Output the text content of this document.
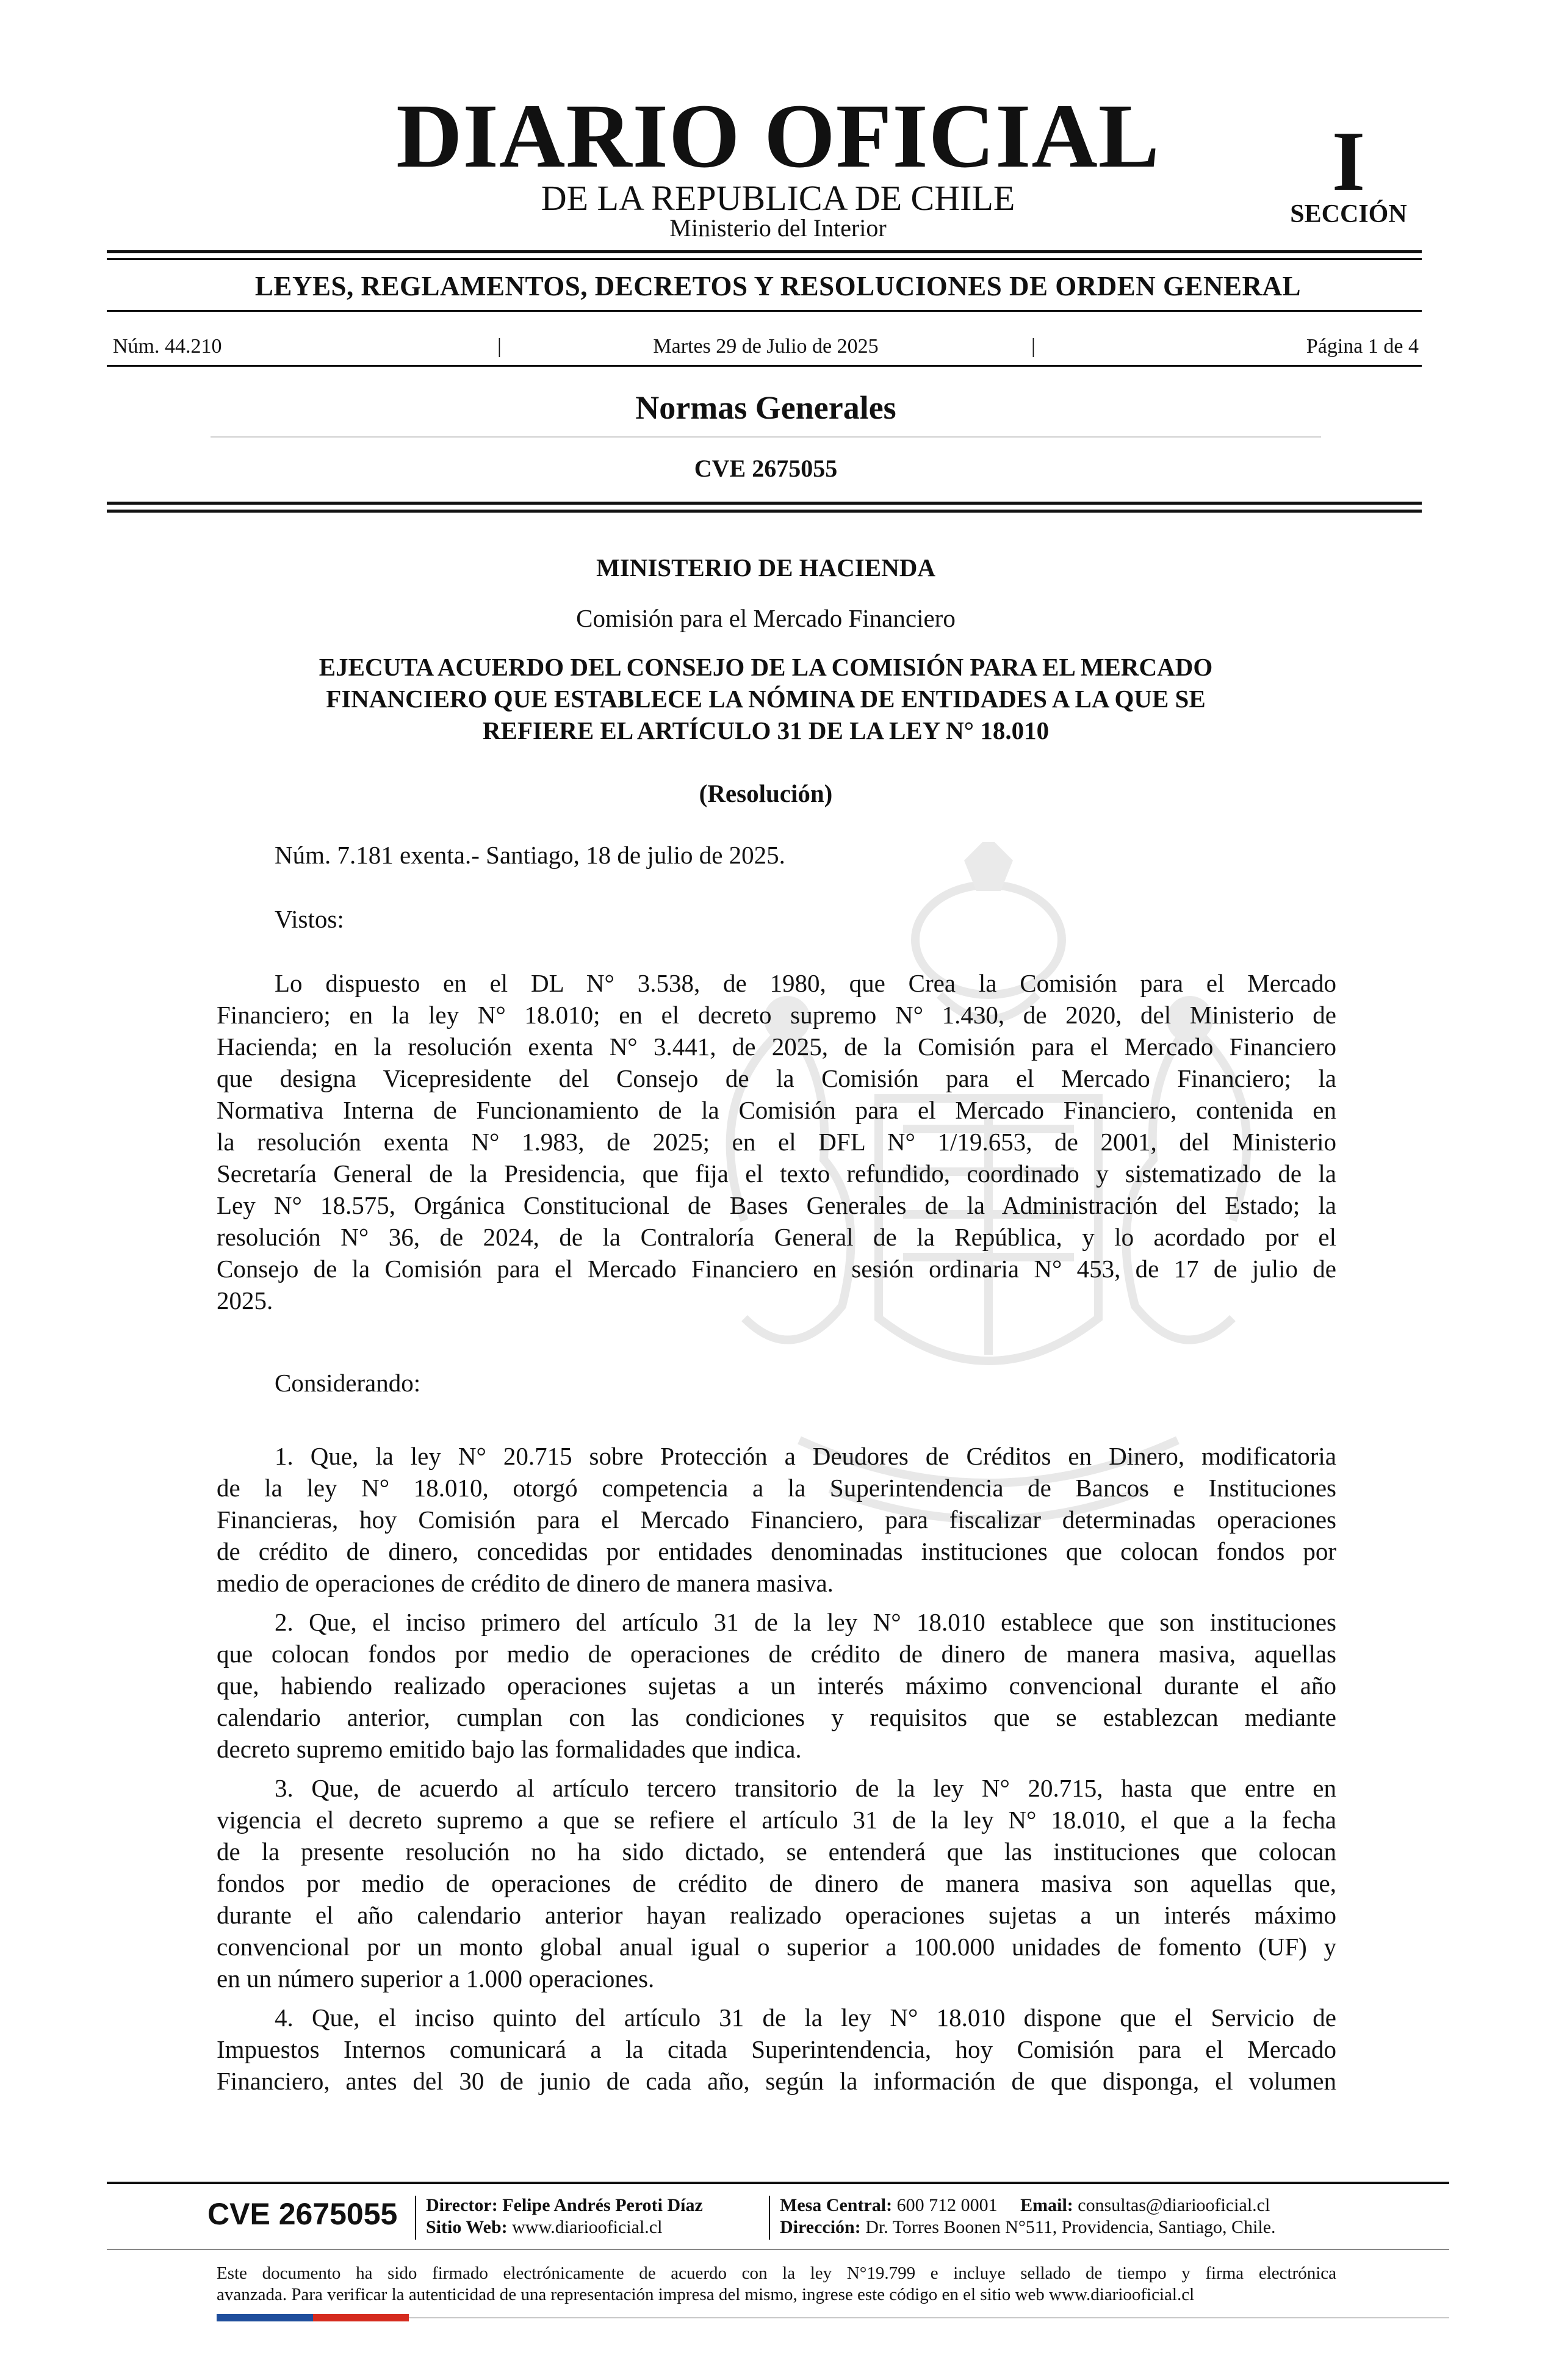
DIARIO OFICIAL
DE LA REPUBLICA DE CHILE
Ministerio del Interior
I
SECCIÓN
LEYES, REGLAMENTOS, DECRETOS Y RESOLUCIONES DE ORDEN GENERAL
Núm. 44.210	|	Martes 29 de Julio de 2025	|	Página 1 de 4
Normas Generales
CVE 2675055
MINISTERIO DE HACIENDA
Comisión para el Mercado Financiero
EJECUTA ACUERDO DEL CONSEJO DE LA COMISIÓN PARA EL MERCADO
FINANCIERO QUE ESTABLECE LA NÓMINA DE ENTIDADES A LA QUE SE
REFIERE EL ARTÍCULO 31 DE LA LEY N° 18.010
(Resolución)
Núm. 7.181 exenta.- Santiago, 18 de julio de 2025.
Vistos:
Lo dispuesto en el DL N° 3.538, de 1980, que Crea la Comisión para el Mercado
Financiero; en la ley N° 18.010; en el decreto supremo N° 1.430, de 2020, del Ministerio de
Hacienda; en la resolución exenta N° 3.441, de 2025, de la Comisión para el Mercado Financiero
que designa Vicepresidente del Consejo de la Comisión para el Mercado Financiero; la
Normativa Interna de Funcionamiento de la Comisión para el Mercado Financiero, contenida en
la resolución exenta N° 1.983, de 2025; en el DFL N° 1/19.653, de 2001, del Ministerio
Secretaría General de la Presidencia, que fija el texto refundido, coordinado y sistematizado de la
Ley N° 18.575, Orgánica Constitucional de Bases Generales de la Administración del Estado; la
resolución N° 36, de 2024, de la Contraloría General de la República, y lo acordado por el
Consejo de la Comisión para el Mercado Financiero en sesión ordinaria N° 453, de 17 de julio de
2025.
Considerando:
1. Que, la ley N° 20.715 sobre Protección a Deudores de Créditos en Dinero, modificatoria
de la ley N° 18.010, otorgó competencia a la Superintendencia de Bancos e Instituciones
Financieras, hoy Comisión para el Mercado Financiero, para fiscalizar determinadas operaciones
de crédito de dinero, concedidas por entidades denominadas instituciones que colocan fondos por
medio de operaciones de crédito de dinero de manera masiva.
2. Que, el inciso primero del artículo 31 de la ley N° 18.010 establece que son instituciones
que colocan fondos por medio de operaciones de crédito de dinero de manera masiva, aquellas
que, habiendo realizado operaciones sujetas a un interés máximo convencional durante el año
calendario anterior, cumplan con las condiciones y requisitos que se establezcan mediante
decreto supremo emitido bajo las formalidades que indica.
3. Que, de acuerdo al artículo tercero transitorio de la ley N° 20.715, hasta que entre en
vigencia el decreto supremo a que se refiere el artículo 31 de la ley N° 18.010, el que a la fecha
de la presente resolución no ha sido dictado, se entenderá que las instituciones que colocan
fondos por medio de operaciones de crédito de dinero de manera masiva son aquellas que,
durante el año calendario anterior hayan realizado operaciones sujetas a un interés máximo
convencional por un monto global anual igual o superior a 100.000 unidades de fomento (UF) y
en un número superior a 1.000 operaciones.
4. Que, el inciso quinto del artículo 31 de la ley N° 18.010 dispone que el Servicio de
Impuestos Internos comunicará a la citada Superintendencia, hoy Comisión para el Mercado
Financiero, antes del 30 de junio de cada año, según la información de que disponga, el volumen
CVE 2675055 Director: Felipe Andrés Peroti Díaz
Sitio Web: www.diariooficial.cl
Mesa Central: 600 712 0001 Email: consultas@diariooficial.cl
Dirección: Dr. Torres Boonen N°511, Providencia, Santiago, Chile.
Este documento ha sido firmado electrónicamente de acuerdo con la ley N°19.799 e incluye sellado de tiempo y firma electrónica
avanzada. Para verificar la autenticidad de una representación impresa del mismo, ingrese este código en el sitio web www.diariooficial.cl
